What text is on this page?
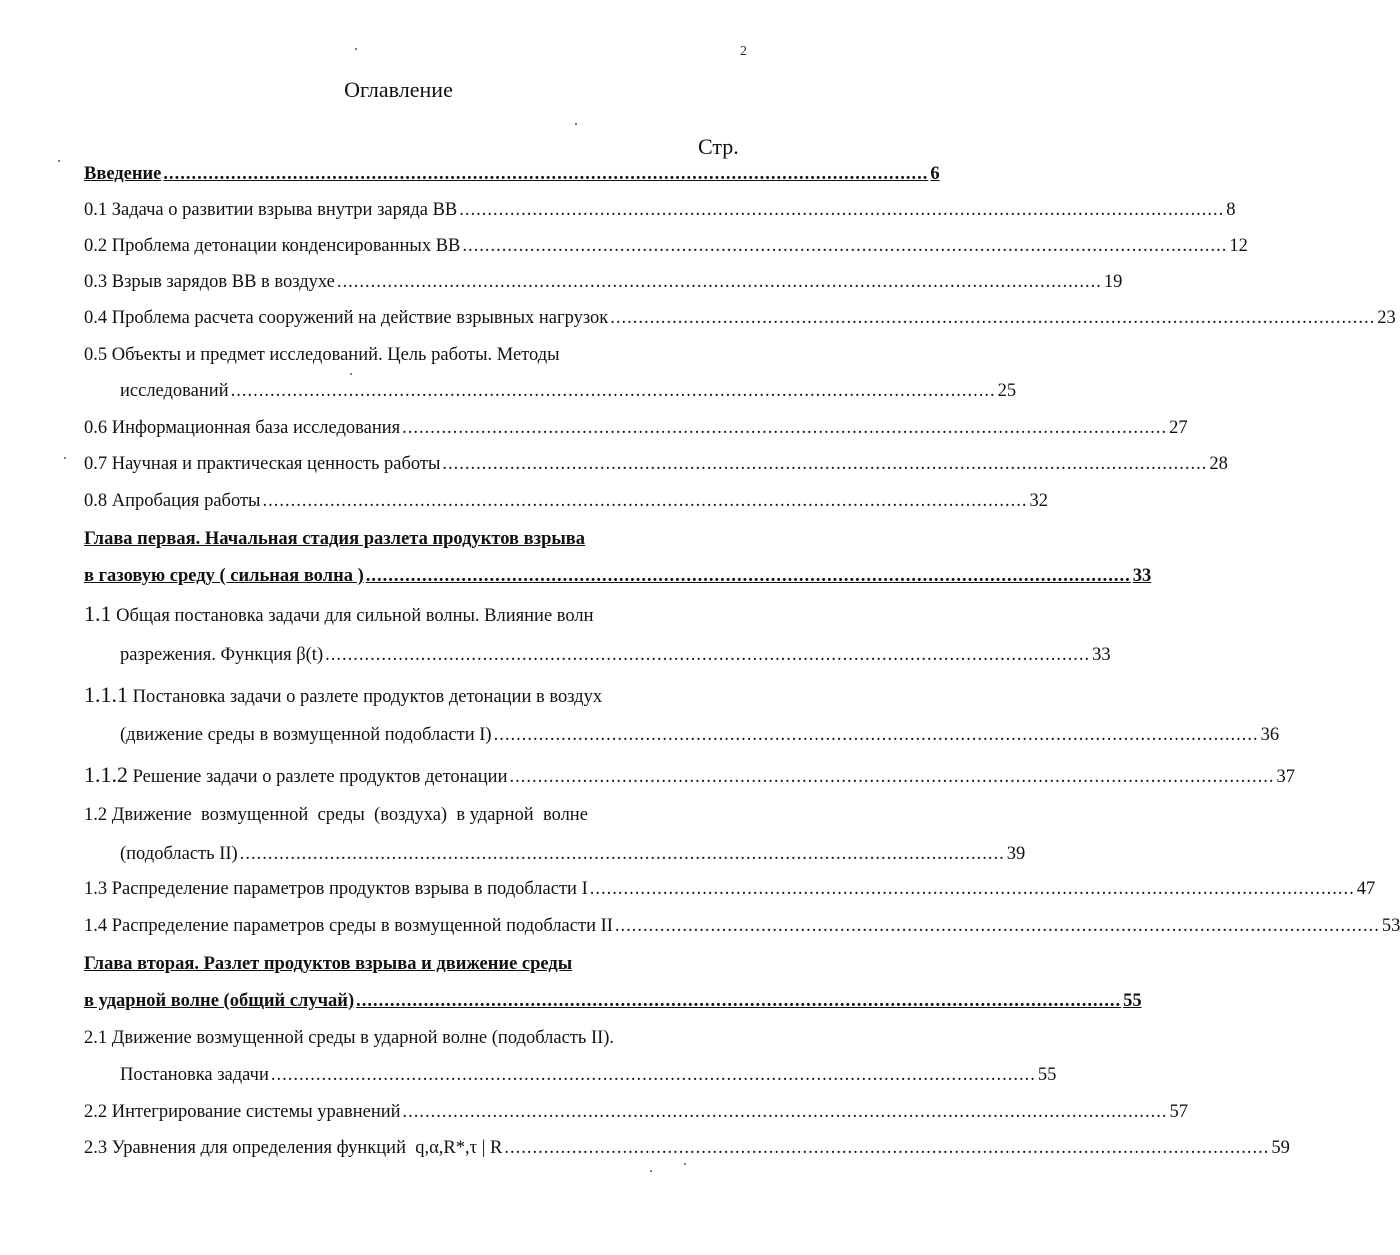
2
Оглавление
Стр.
Введение ........................................................................................................................................ 6
0.1 Задача о развитии взрыва внутри заряда ВВ ........................................................................................................................................ 8
0.2 Проблема детонации конденсированных ВВ ........................................................................................................................................ 12
0.3 Взрыв зарядов ВВ в воздухе ........................................................................................................................................ 19
0.4 Проблема расчета сооружений на действие взрывных нагрузок ........................................................................................................................................ 23
0.5 Объекты и предмет исследований. Цель работы. Методы
исследований ........................................................................................................................................ 25
0.6 Информационная база исследования ........................................................................................................................................ 27
0.7 Научная и практическая ценность работы ........................................................................................................................................ 28
0.8 Апробация работы ........................................................................................................................................ 32
Глава первая. Начальная стадия разлета продуктов взрыва
в газовую среду ( сильная волна ) ........................................................................................................................................ 33
1.1 Общая постановка задачи для сильной волны. Влияние волн
разрежения. Функция β(t) ........................................................................................................................................ 33
1.1.1 Постановка задачи о разлете продуктов детонации в воздух
(движение среды в возмущенной подобласти I) ........................................................................................................................................ 36
1.1.2 Решение задачи о разлете продуктов детонации ........................................................................................................................................ 37
1.2 Движение  возмущенной  среды  (воздуха)  в ударной  волне
(подобласть II) ........................................................................................................................................ 39
1.3 Распределение параметров продуктов взрыва в подобласти I ........................................................................................................................................ 47
1.4 Распределение параметров среды в возмущенной подобласти II ........................................................................................................................................ 53
Глава вторая. Разлет продуктов взрыва и движение среды
в ударной волне (общий случай) ........................................................................................................................................ 55
2.1 Движение возмущенной среды в ударной волне (подобласть II).
Постановка задачи ........................................................................................................................................ 55
2.2 Интегрирование системы уравнений ........................................................................................................................................ 57
2.3 Уравнения для определения функций  q,α,R*,τ | R ........................................................................................................................................ 59
